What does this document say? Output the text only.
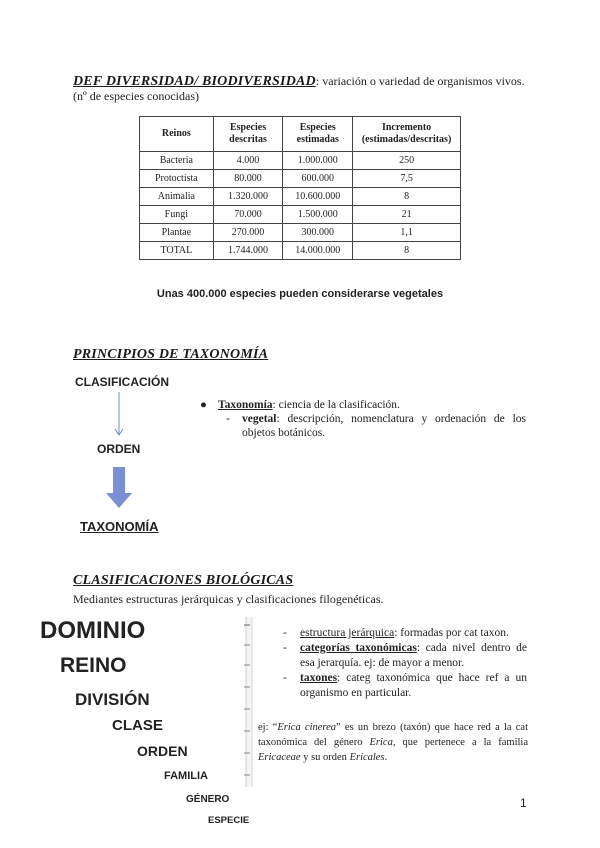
DEF DIVERSIDAD/ BIODIVERSIDAD: variación o variedad de organismos vivos.
(nº de especies conocidas)
Reinos	Especies descritas	Especies estimadas	Incremento (estimadas/descritas)
Bacteria	4.000	1.000.000	250
Protoctista	80.000	600.000	7,5
Animalia	1.320.000	10.600.000	8
Fungi	70.000	1.500.000	21
Plantae	270.000	300.000	1,1
TOTAL	1.744.000	14.000.000	8
Unas 400.000 especies pueden considerarse vegetales
PRINCIPIOS DE TAXONOMÍA
CLASIFICACIÓN
ORDEN
TAXONOMÍA
● Taxonomía: ciencia de la clasificación.
- vegetal: descripción, nomenclatura y ordenación de los objetos botánicos.
CLASIFICACIONES BIOLÓGICAS
Mediantes estructuras jerárquicas y clasificaciones filogenéticas.
DOMINIO
REINO
DIVISIÓN
CLASE
ORDEN
FAMILIA
GÉNERO
ESPECIE
- estructura jerárquica: formadas por cat taxon.
- categorías taxonómicas: cada nivel dentro de esa jerarquía. ej: de mayor a menor.
- taxones: categ taxonómica que hace ref a un organismo en particular.
ej: “Erica cinerea” es un brezo (taxón) que hace red a la cat taxonómica del género Erica, que pertenece a la familia Ericaceae y su orden Ericales.
1
